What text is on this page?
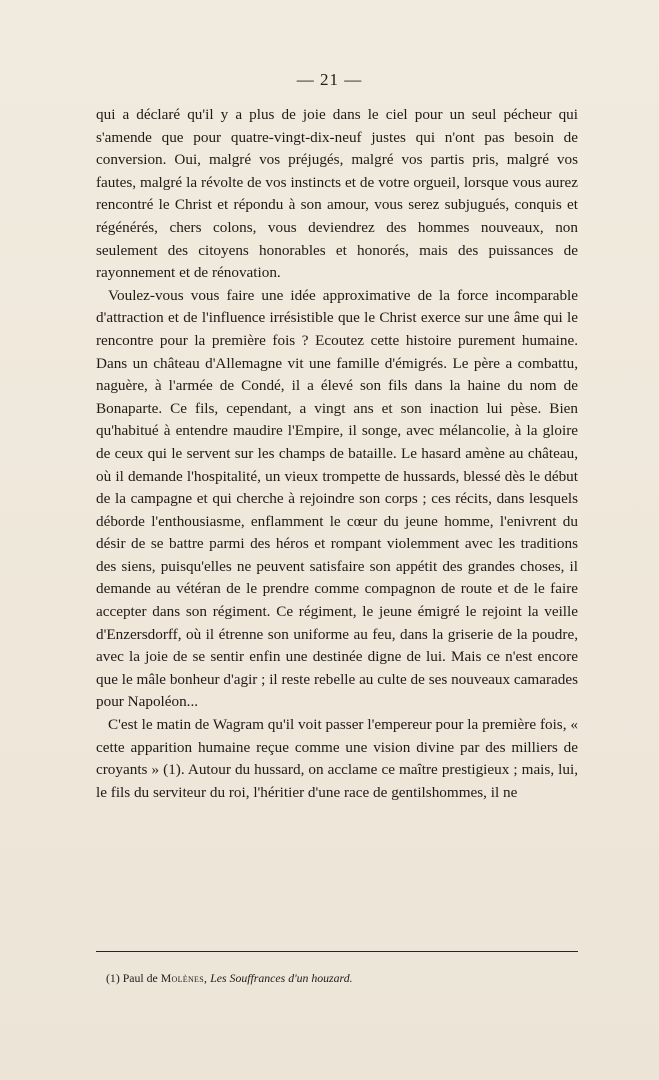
— 21 —

qui a déclaré qu'il y a plus de joie dans le ciel pour un seul pécheur qui s'amende que pour quatre-vingt-dix-neuf justes qui n'ont pas besoin de conversion. Oui, malgré vos préjugés, malgré vos partis pris, malgré vos fautes, malgré la révolte de vos instincts et de votre orgueil, lorsque vous aurez rencontré le Christ et répondu à son amour, vous serez subjugués, conquis et régénérés, chers colons, vous deviendrez des hommes nouveaux, non seulement des citoyens honorables et honorés, mais des puissances de rayonnement et de rénovation.

Voulez-vous vous faire une idée approximative de la force incomparable d'attraction et de l'influence irrésistible que le Christ exerce sur une âme qui le rencontre pour la première fois ? Ecoutez cette histoire purement humaine. Dans un château d'Allemagne vit une famille d'émigrés. Le père a combattu, naguère, à l'armée de Condé, il a élevé son fils dans la haine du nom de Bonaparte. Ce fils, cependant, a vingt ans et son inaction lui pèse. Bien qu'habitué à entendre maudire l'Empire, il songe, avec mélancolie, à la gloire de ceux qui le servent sur les champs de bataille. Le hasard amène au château, où il demande l'hospitalité, un vieux trompette de hussards, blessé dès le début de la campagne et qui cherche à rejoindre son corps ; ces récits, dans lesquels déborde l'enthousiasme, enflamment le cœur du jeune homme, l'enivrent du désir de se battre parmi des héros et rompant violemment avec les traditions des siens, puisqu'elles ne peuvent satisfaire son appétit des grandes choses, il demande au vétéran de le prendre comme compagnon de route et de le faire accepter dans son régiment. Ce régiment, le jeune émigré le rejoint la veille d'Enzersdorff, où il étrenne son uniforme au feu, dans la griserie de la poudre, avec la joie de se sentir enfin une destinée digne de lui. Mais ce n'est encore que le mâle bonheur d'agir ; il reste rebelle au culte de ses nouveaux camarades pour Napoléon...

C'est le matin de Wagram qu'il voit passer l'empereur pour la première fois, « cette apparition humaine reçue comme une vision divine par des milliers de croyants » (1). Autour du hussard, on acclame ce maître prestigieux ; mais, lui, le fils du serviteur du roi, l'héritier d'une race de gentilshommes, il ne

(1) Paul de Molènes, Les Souffrances d'un houzard.
